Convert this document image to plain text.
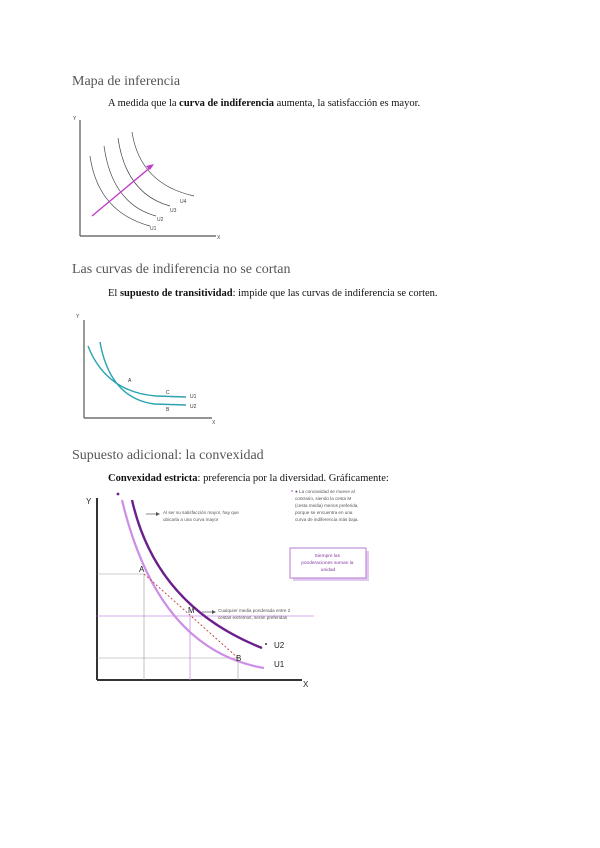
Mapa de inferencia

A medida que la curva de indiferencia aumenta, la satisfacción es mayor.

Y
X
U1
U2
U3
U4
Las curvas de indiferencia no se cortan

El supuesto de transitividad: impide que las curvas de indiferencia se corten.

Y
X
A
C
B
U1
U2
Supuesto adicional: la convexidad

Convexidad estricta: preferencia por la diversidad. Gráficamente:

Y
X
A
M
B
U2
U1
Al ser su satisfacción mayor, hay que ubicarla a una curva mayor
Cualquier media ponderada entre 2 cestas extremos, serán preferidas
● La concavidad se mueve al contrario, siendo la cesta M (cesta media) menos preferida, porque se encuentra en una curva de indiferencia más baja.
Siempre las ponderaciones suman la unidad
